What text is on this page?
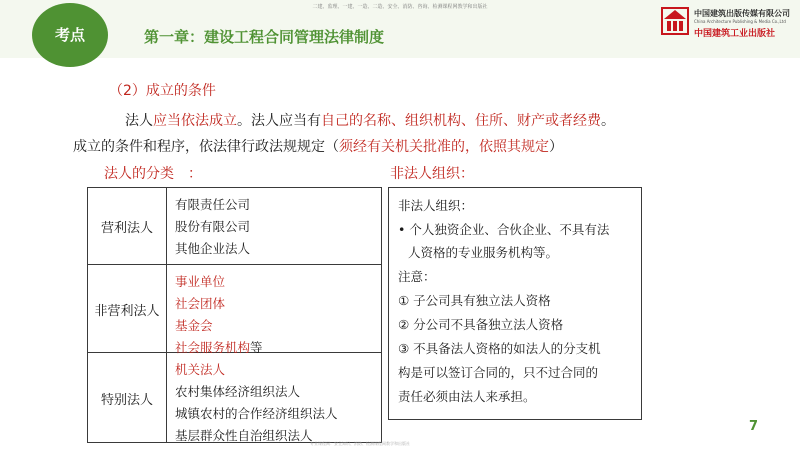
二建、监理、一建、一造、二造、安全、消防、咨询、检测课程网教学和出版社
考点	第一章：建设工程合同管理法律制度
中国建筑出版传媒有限公司
China Architecture Publishing & Media Co.,Ltd
中国建筑工业出版社
（2）成立的条件
法人应当依法成立。法人应当有自己的名称、组织机构、住所、财产或者经费。
成立的条件和程序，依法律行政法规规定（须经有关机关批准的，依照其规定）
法人的分类　：	非法人组织：
营利法人
有限责任公司
股份有限公司
其他企业法人
非营利法人
事业单位
社会团体
基金会
社会服务机构等
特别法人
机关法人
农村集体经济组织法人
城镇农村的合作经济组织法人
基层群众性自治组织法人
非法人组织：
• 个人独资企业、合伙企业、不具有法
人资格的专业服务机构等。
注意：
① 子公司具有独立法人资格
② 分公司不具备独立法人资格
③ 不具备法人资格的如法人的分支机
构是可以签订合同的，只不过合同的
责任必须由法人来承担。
7
专业课程网：安全知识、消防、检测课程网教学和出版社
